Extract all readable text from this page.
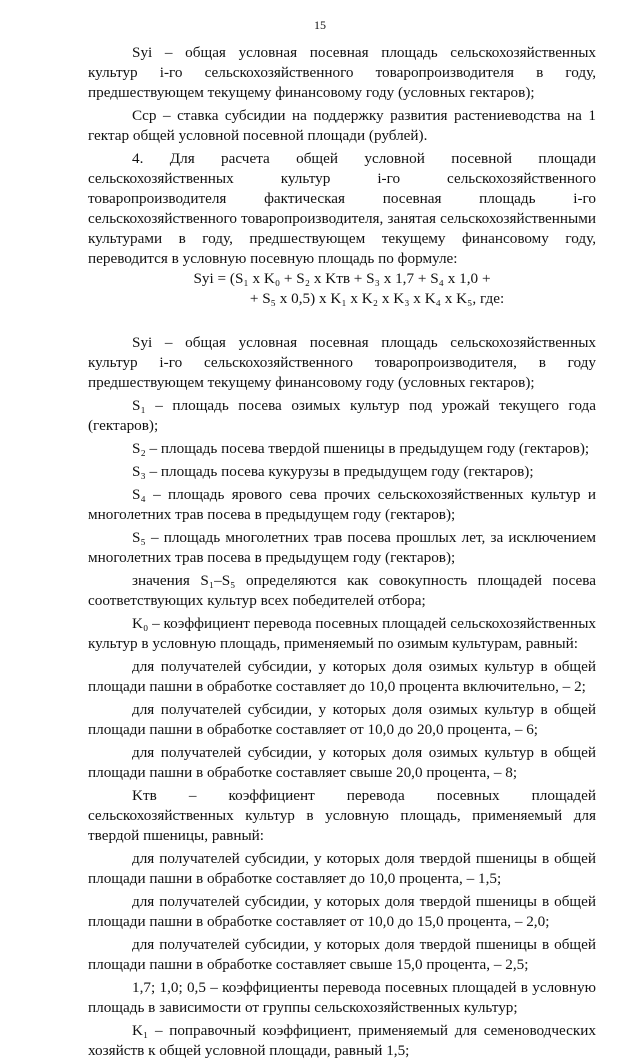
15

Syi – общая условная посевная площадь сельскохозяйственных культур i-го сельскохозяйственного товаропроизводителя в году, предшествующем текущему финансовому году (условных гектаров);

Ccp – ставка субсидии на поддержку развития растениеводства на 1 гектар общей условной посевной площади (рублей).

4. Для расчета общей условной посевной площади сельскохозяйственных культур i-го сельскохозяйственного товаропроизводителя фактическая посевная площадь i-го сельскохозяйственного товаропроизводителя, занятая сельскохозяйственными культурами в году, предшествующем текущему финансовому году, переводится в условную посевную площадь по формуле:

Syi = (S₁ x K₀ + S₂ x Kтв + S₃ x 1,7 + S₄ x 1,0 +

+ S₅ x 0,5) x K₁ x K₂ x K₃ x K₄ x K₅, где:

Syi – общая условная посевная площадь сельскохозяйственных культур i-го сельскохозяйственного товаропроизводителя, в году предшествующем текущему финансовому году (условных гектаров);

S₁ – площадь посева озимых культур под урожай текущего года (гектаров);

S₂ – площадь посева твердой пшеницы в предыдущем году (гектаров);

S₃ – площадь посева кукурузы в предыдущем году (гектаров);

S₄ – площадь ярового сева прочих сельскохозяйственных культур и многолетних трав посева в предыдущем году (гектаров);

S₅ – площадь многолетних трав посева прошлых лет, за исключением многолетних трав посева в предыдущем году (гектаров);

значения S₁–S₅ определяются как совокупность площадей посева соответствующих культур всех победителей отбора;

K₀ – коэффициент перевода посевных площадей сельскохозяйственных культур в условную площадь, применяемый по озимым культурам, равный:

для получателей субсидии, у которых доля озимых культур в общей площади пашни в обработке составляет до 10,0 процента включительно, – 2;

для получателей субсидии, у которых доля озимых культур в общей площади пашни в обработке составляет от 10,0 до 20,0 процента, – 6;

для получателей субсидии, у которых доля озимых культур в общей площади пашни в обработке составляет свыше 20,0 процента, – 8;

Kтв – коэффициент перевода посевных площадей сельскохозяйственных культур в условную площадь, применяемый для твердой пшеницы, равный:

для получателей субсидии, у которых доля твердой пшеницы в общей площади пашни в обработке составляет до 10,0 процента, – 1,5;

для получателей субсидии, у которых доля твердой пшеницы в общей площади пашни в обработке составляет от 10,0 до 15,0 процента, – 2,0;

для получателей субсидии, у которых доля твердой пшеницы в общей площади пашни в обработке составляет свыше 15,0 процента, – 2,5;

1,7; 1,0; 0,5 – коэффициенты перевода посевных площадей в условную площадь в зависимости от группы сельскохозяйственных культур;

K₁ – поправочный коэффициент, применяемый для семеноводческих хозяйств к общей условной площади, равный 1,5;
